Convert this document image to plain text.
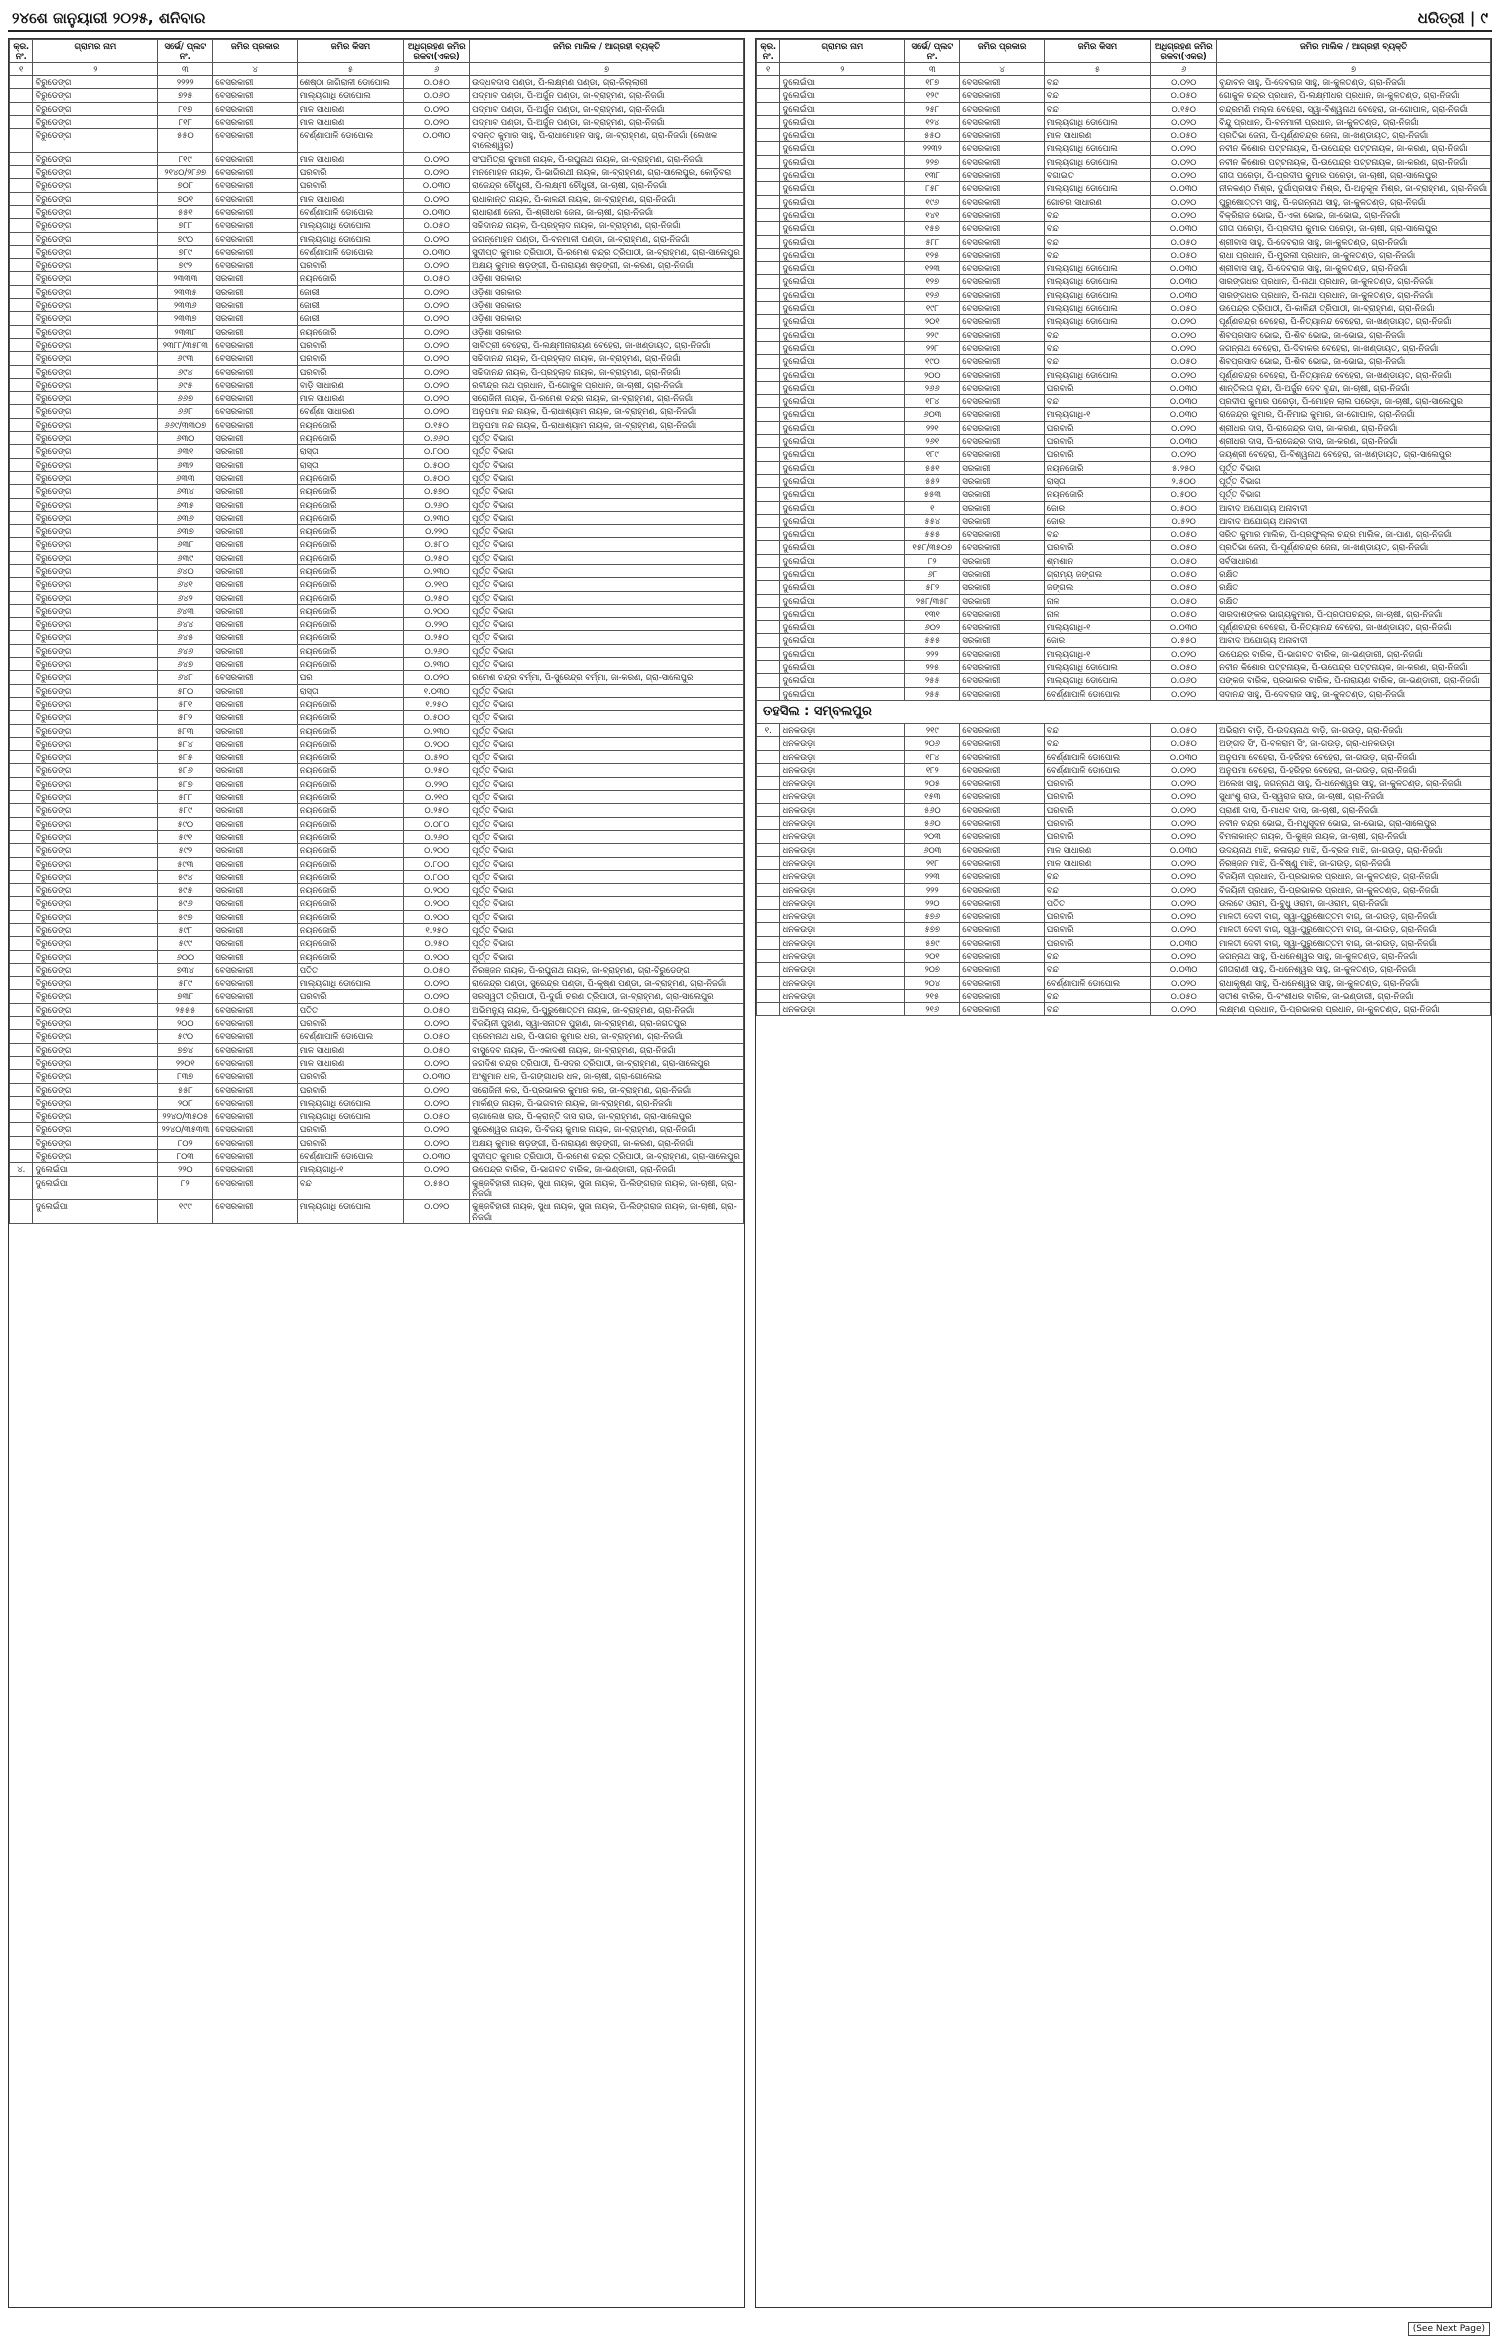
୨୪ଶେ ଜାନୁୟାରୀ ୨୦୨୫, ଶନିବାର	ଧରିତ୍ରୀ | ୯
କ୍ର. ନଂ.	ଗ୍ରାମର ନାମ	ସର୍ଭେ/ ପ୍ଲଟ ନଂ.	ଜମିର ପ୍ରକାର	ଜମିର କିସମ	ଅଧିଗ୍ରହଣ ଜମିର ରକବା(ଏକର)	ଜମିର ମାଲିକ / ଆଗ୍ରହୀ ବ୍ୟକ୍ତି
୧	୨	୩	୪	୫	୬	୭
	ବିରୁଡେଙ୍ଗ	୨୨୨୨	ବେସରକାରୀ	ଶେଷ୍ଠା ଜାଗିରାଳୀ ଡୋପୋଲ	୦.୦୫୦	ଉଦ୍ଧବଦାସ ପଣ୍ଡା, ପି-ଲକ୍ଷ୍ମଣ ପଣ୍ଡା, ଗ୍ରା-ଜିଲ୍ଲାରୀ
	ବିରୁଡେଙ୍ଗ	୭୨୫	ବେସରକାରୀ	ମାଲ୍ୟଗାଧି ଡୋପୋଲ	୦.୦୬୦	ପଦ୍ମାବ ପଣ୍ଡା, ପି-ଅର୍ଜୁନ ପଣ୍ଡା, ଜା-ବ୍ରାହ୍ମଣ, ଗ୍ରା-ନିଜଗାଁ
	ବିରୁଡେଙ୍ଗ	୮୧୭	ବେସରକାରୀ	ମାଳ ସାଧାରଣ	୦.୦୨୦	ପଦ୍ମାବ ପଣ୍ଡା, ପି-ଅର୍ଜୁନ ପଣ୍ଡା, ଜା-ବ୍ରାହ୍ମଣ, ଗ୍ରା-ନିଜଗାଁ
	ବିରୁଡେଙ୍ଗ	୮୧୮	ବେସରକାରୀ	ମାଳ ସାଧାରଣ	୦.୦୨୦	ପଦ୍ମାବ ପଣ୍ଡା, ପି-ଅର୍ଜୁନ ପଣ୍ଡା, ଜା-ବ୍ରାହ୍ମଣ, ଗ୍ରା-ନିଜଗାଁ
	ବିରୁଡେଙ୍ଗ	୫୫୦	ବେସରକାରୀ	ବେର୍ଣ୍ଣାପାଳି ଡୋପୋଲ	୦.୦୩୦	ବସନ୍ତ କୁମାର ସାହୁ, ପି-ରାଧାମୋହନ ସାହୁ, ଜା-ବ୍ରାହ୍ମଣ, ଗ୍ରା-ନିଜଗାଁ (ଲେଖକ ବାଲେଶ୍ୱର)
	ବିରୁଡେଙ୍ଗ	୮୧୯	ବେସରକାରୀ	ମାଳ ସାଧାରଣ	୦.୦୨୦	ସଂଘମିତ୍ରା କୁମାରୀ ନାୟକ, ପି-ରଘୁନାଥ ନାୟକ, ଜା-ବ୍ରାହ୍ମଣ, ଗ୍ରା-ନିଜଗାଁ
	ବିରୁଡେଙ୍ଗ	୨୧୪୦/୨୮୬୭	ବେସରକାରୀ	ଘରବାରି	୦.୦୨୦	ମନମୋହନ ନାୟକ, ପି-ଭାଗିରଥୀ ନାୟକ, ଜା-ବ୍ରାହ୍ମଣ, ଗ୍ରା-ସାଲେପୁର, କୋଡ଼ିବରା
	ବିରୁଡେଙ୍ଗ	୭୦୮	ବେସରକାରୀ	ଘରବାରି	୦.୦୩୦	ରାଜେନ୍ଦ୍ର ଚୌଧୁରୀ, ପି-ଲକ୍ଷ୍ମୀ ଚୌଧୁରୀ, ଜା-ଚାଷୀ, ଗ୍ରା-ନିଜଗାଁ
	ବିରୁଡେଙ୍ଗ	୭୦୧	ବେସରକାରୀ	ମାଳ ସାଧାରଣ	୦.୦୨୦	ରାଧାକାନ୍ତ ନାୟକ, ପି-କାଳନ୍ଦୀ ନାୟକ, ଜା-ବ୍ରାହ୍ମଣ, ଗ୍ରା-ନିଜଗାଁ
	ବିରୁଡେଙ୍ଗ	୫୫୧	ବେସରକାରୀ	ବେର୍ଣ୍ଣାପାଳି ଡୋପୋଲ	୦.୦୩୦	ରାଧାରାଣୀ ଜେନା, ପି-ଶ୍ରୀଧର ଜେନା, ଜା-ଚାଷୀ, ଗ୍ରା-ନିଜଗାଁ
	ବିରୁଡେଙ୍ଗ	୭୮୮	ବେସରକାରୀ	ମାଲ୍ୟଗାଧି ଡୋପୋଲ	୦.୦୫୦	ସଚ୍ଚିଦାନନ୍ଦ ନାୟକ, ପି-ପ୍ରହ୍ଲାଦ ନାୟକ, ଜା-ବ୍ରାହ୍ମଣ, ଗ୍ରା-ନିଜଗାଁ
	ବିରୁଡେଙ୍ଗ	୭୯୦	ବେସରକାରୀ	ମାଲ୍ୟଗାଧି ଡୋପୋଲ	୦.୦୨୦	ଜଗନ୍ମୋହନ ପଣ୍ଡା, ପି-ବନମାଳୀ ପଣ୍ଡା, ଜା-ବ୍ରାହ୍ମଣ, ଗ୍ରା-ନିଜଗାଁ
	ବିରୁଡେଙ୍ଗ	୭୮୯	ବେସରକାରୀ	ବେର୍ଣ୍ଣାପାଳି ଡୋପୋଲ	୦.୦୩୦	ସୁଦୀପ୍ତ କୁମାର ତ୍ରିପାଠୀ, ପି-ରମେଶ ଚନ୍ଦ୍ର ତ୍ରିପାଠୀ, ଜା-ବ୍ରାହ୍ମଣ, ଗ୍ରା-ସାଲେପୁର
	ବିରୁଡେଙ୍ଗ	୭୯୨	ବେସରକାରୀ	ଘରବାରି	୦.୦୨୦	ଅକ୍ଷୟ କୁମାର ଷଡ଼ଙ୍ଗୀ, ପି-ନାରାୟଣ ଷଡ଼ଙ୍ଗୀ, ଜା-କରଣ, ଗ୍ରା-ନିଜଗାଁ
	ବିରୁଡେଙ୍ଗ	୨୩୩୩	ସରକାରୀ	ନୟନଜୋରି	୦.୦୫୦	ଓଡ଼ିଶା ସରକାର
	ବିରୁଡେଙ୍ଗ	୨୩୩୫	ସରକାରୀ	ଜୋରୀ	୦.୦୨୦	ଓଡ଼ିଶା ସରକାର
	ବିରୁଡେଙ୍ଗ	୨୩୩୬	ସରକାରୀ	ଜୋରୀ	୦.୦୨୦	ଓଡ଼ିଶା ସରକାର
	ବିରୁଡେଙ୍ଗ	୨୩୩୭	ସରକାରୀ	ଜୋରୀ	୦.୦୨୦	ଓଡ଼ିଶା ସରକାର
	ବିରୁଡେଙ୍ଗ	୨୩୩୮	ସରକାରୀ	ନୟନଜୋରି	୦.୦୨୦	ଓଡ଼ିଶା ସରକାର
	ବିରୁଡେଙ୍ଗ	୨୩୮୮/୩୫୮୩	ବେସରକାରୀ	ଘରବାରି	୦.୦୨୦	ସାବିତ୍ରୀ ବେହେରା, ପି-ଲକ୍ଷ୍ମୀନାରାୟଣ ବେହେରା, ଜା-ଖଣ୍ଡାୟତ, ଗ୍ରା-ନିଜଗାଁ
	ବିରୁଡେଙ୍ଗ	୬୯୩	ବେସରକାରୀ	ଘରବାରି	୦.୦୨୦	ସଚ୍ଚିଦାନନ୍ଦ ନାୟକ, ପି-ପ୍ରହ୍ଲାଦ ନାୟକ, ଜା-ବ୍ରାହ୍ମଣ, ଗ୍ରା-ନିଜଗାଁ
	ବିରୁଡେଙ୍ଗ	୬୯୪	ବେସରକାରୀ	ଘରବାରି	୦.୦୨୦	ସଚ୍ଚିଦାନନ୍ଦ ନାୟକ, ପି-ପ୍ରହ୍ଲାଦ ନାୟକ, ଜା-ବ୍ରାହ୍ମଣ, ଗ୍ରା-ନିଜଗାଁ
	ବିରୁଡେଙ୍ଗ	୬୯୫	ବେସରକାରୀ	ବାଡ଼ି ସାଧାରଣ	୦.୦୨୦	ରବୀନ୍ଦ୍ର ନାଥ ପ୍ରଧାନ, ପି-ଗୋକୁଳ ପ୍ରଧାନ, ଜା-ଚାଷୀ, ଗ୍ରା-ନିଜଗାଁ
	ବିରୁଡେଙ୍ଗ	୬୬୭	ବେସରକାରୀ	ମାଳ ସାଧାରଣ	୦.୦୨୦	ସରୋଜିନୀ ନାୟକ, ପି-ରମେଶ ଚନ୍ଦ୍ର ନାୟକ, ଜା-ବ୍ରାହ୍ମଣ, ଗ୍ରା-ନିଜଗାଁ
	ବିରୁଡେଙ୍ଗ	୬୬୮	ବେସରକାରୀ	ବେର୍ଣ୍ଣା ସାଧାରଣ	୦.୦୨୦	ଅନୁପମା ନନ୍ଦ ନାୟକ, ପି-ରାଧାଶ୍ୟାମ ନାୟକ, ଜା-ବ୍ରାହ୍ମଣ, ଗ୍ରା-ନିଜଗାଁ
	ବିରୁଡେଙ୍ଗ	୬୬୯/୩୩୦୭	ବେସରକାରୀ	ନୟନଜୋରି	୦.୧୫୦	ଅନୁପମା ନନ୍ଦ ନାୟକ, ପି-ରାଧାଶ୍ୟାମ ନାୟକ, ଜା-ବ୍ରାହ୍ମଣ, ଗ୍ରା-ନିଜଗାଁ
	ବିରୁଡେଙ୍ଗ	୬୩୦	ସରକାରୀ	ନୟନଜୋରି	୦.୬୬୦	ପୂର୍ତ୍ତ ବିଭାଗ
	ବିରୁଡେଙ୍ଗ	୬୩୧	ସରକାରୀ	ରାସ୍ତା	୦.୮୦୦	ପୂର୍ତ୍ତ ବିଭାଗ
	ବିରୁଡେଙ୍ଗ	୬୩୨	ସରକାରୀ	ରାସ୍ତା	୦.୫୦୦	ପୂର୍ତ୍ତ ବିଭାଗ
	ବିରୁଡେଙ୍ଗ	୬୩୩	ସରକାରୀ	ନୟନଜୋରି	୦.୫୦୦	ପୂର୍ତ୍ତ ବିଭାଗ
	ବିରୁଡେଙ୍ଗ	୬୩୪	ସରକାରୀ	ନୟନଜୋରି	୦.୫୭୦	ପୂର୍ତ୍ତ ବିଭାଗ
	ବିରୁଡେଙ୍ଗ	୬୩୫	ସରକାରୀ	ନୟନଜୋରି	୦.୨୬୦	ପୂର୍ତ୍ତ ବିଭାଗ
	ବିରୁଡେଙ୍ଗ	୬୩୬	ସରକାରୀ	ନୟନଜୋରି	୦.୨୩୦	ପୂର୍ତ୍ତ ବିଭାଗ
	ବିରୁଡେଙ୍ଗ	୬୩୭	ସରକାରୀ	ନୟନଜୋରି	୦.୨୨୦	ପୂର୍ତ୍ତ ବିଭାଗ
	ବିରୁଡେଙ୍ଗ	୬୩୮	ସରକାରୀ	ନୟନଜୋରି	୦.୫୮୦	ପୂର୍ତ୍ତ ବିଭାଗ
	ବିରୁଡେଙ୍ଗ	୬୩୯	ସରକାରୀ	ନୟନଜୋରି	୦.୨୫୦	ପୂର୍ତ୍ତ ବିଭାଗ
	ବିରୁଡେଙ୍ଗ	୬୪୦	ସରକାରୀ	ନୟନଜୋରି	୦.୨୩୦	ପୂର୍ତ୍ତ ବିଭାଗ
	ବିରୁଡେଙ୍ଗ	୬୪୧	ସରକାରୀ	ନୟନଜୋରି	୦.୨୧୦	ପୂର୍ତ୍ତ ବିଭାଗ
	ବିରୁଡେଙ୍ଗ	୬୪୨	ସରକାରୀ	ନୟନଜୋରି	୦.୨୫୦	ପୂର୍ତ୍ତ ବିଭାଗ
	ବିରୁଡେଙ୍ଗ	୬୪୩	ସରକାରୀ	ନୟନଜୋରି	୦.୨୦୦	ପୂର୍ତ୍ତ ବିଭାଗ
	ବିରୁଡେଙ୍ଗ	୬୪୪	ସରକାରୀ	ନୟନଜୋରି	୦.୨୨୦	ପୂର୍ତ୍ତ ବିଭାଗ
	ବିରୁଡେଙ୍ଗ	୬୪୫	ସରକାରୀ	ନୟନଜୋରି	୦.୨୫୦	ପୂର୍ତ୍ତ ବିଭାଗ
	ବିରୁଡେଙ୍ଗ	୬୪୬	ସରକାରୀ	ନୟନଜୋରି	୦.୨୬୦	ପୂର୍ତ୍ତ ବିଭାଗ
	ବିରୁଡେଙ୍ଗ	୬୪୭	ସରକାରୀ	ନୟନଜୋରି	୦.୨୩୦	ପୂର୍ତ୍ତ ବିଭାଗ
	ବିରୁଡେଙ୍ଗ	୬୪୮	ବେସରକାରୀ	ଘର	୦.୦୨୦	ରମେଶ ଚନ୍ଦ୍ର ବର୍ମ୍ମା, ପି-ସୁରେନ୍ଦ୍ର ବର୍ମ୍ମା, ଜା-କରଣ, ଗ୍ରା-ସାଲେପୁର
	ବିରୁଡେଙ୍ଗ	୫୮୦	ସରକାରୀ	ରାସ୍ତା	୧.୦୩୦	ପୂର୍ତ୍ତ ବିଭାଗ
	ବିରୁଡେଙ୍ଗ	୫୮୧	ସରକାରୀ	ନୟନଜୋରି	୧.୨୫୦	ପୂର୍ତ୍ତ ବିଭାଗ
	ବିରୁଡେଙ୍ଗ	୫୮୨	ସରକାରୀ	ନୟନଜୋରି	୦.୫୦୦	ପୂର୍ତ୍ତ ବିଭାଗ
	ବିରୁଡେଙ୍ଗ	୫୮୩	ସରକାରୀ	ନୟନଜୋରି	୦.୨୩୦	ପୂର୍ତ୍ତ ବିଭାଗ
	ବିରୁଡେଙ୍ଗ	୫୮୪	ସରକାରୀ	ନୟନଜୋରି	୦.୨୦୦	ପୂର୍ତ୍ତ ବିଭାଗ
	ବିରୁଡେଙ୍ଗ	୫୮୫	ସରକାରୀ	ନୟନଜୋରି	୦.୫୨୦	ପୂର୍ତ୍ତ ବିଭାଗ
	ବିରୁଡେଙ୍ଗ	୫୮୬	ସରକାରୀ	ନୟନଜୋରି	୦.୨୫୦	ପୂର୍ତ୍ତ ବିଭାଗ
	ବିରୁଡେଙ୍ଗ	୫୮୭	ସରକାରୀ	ନୟନଜୋରି	୦.୨୨୦	ପୂର୍ତ୍ତ ବିଭାଗ
	ବିରୁଡେଙ୍ଗ	୫୮୮	ସରକାରୀ	ନୟନଜୋରି	୦.୨୧୦	ପୂର୍ତ୍ତ ବିଭାଗ
	ବିରୁଡେଙ୍ଗ	୫୮୯	ସରକାରୀ	ନୟନଜୋରି	୦.୨୫୦	ପୂର୍ତ୍ତ ବିଭାଗ
	ବିରୁଡେଙ୍ଗ	୫୯୦	ସରକାରୀ	ନୟନଜୋରି	୦.୦୮୦	ପୂର୍ତ୍ତ ବିଭାଗ
	ବିରୁଡେଙ୍ଗ	୫୯୧	ସରକାରୀ	ନୟନଜୋରି	୦.୨୬୦	ପୂର୍ତ୍ତ ବିଭାଗ
	ବିରୁଡେଙ୍ଗ	୫୯୨	ସରକାରୀ	ନୟନଜୋରି	୦.୨୦୦	ପୂର୍ତ୍ତ ବିଭାଗ
	ବିରୁଡେଙ୍ଗ	୫୯୩	ସରକାରୀ	ନୟନଜୋରି	୦.୮୦୦	ପୂର୍ତ୍ତ ବିଭାଗ
	ବିରୁଡେଙ୍ଗ	୫୯୪	ସରକାରୀ	ନୟନଜୋରି	୦.୮୦୦	ପୂର୍ତ୍ତ ବିଭାଗ
	ବିରୁଡେଙ୍ଗ	୫୯୫	ସରକାରୀ	ନୟନଜୋରି	୦.୨୦୦	ପୂର୍ତ୍ତ ବିଭାଗ
	ବିରୁଡେଙ୍ଗ	୫୯୬	ସରକାରୀ	ନୟନଜୋରି	୦.୨୦୦	ପୂର୍ତ୍ତ ବିଭାଗ
	ବିରୁଡେଙ୍ଗ	୫୯୭	ସରକାରୀ	ନୟନଜୋରି	୦.୨୦୦	ପୂର୍ତ୍ତ ବିଭାଗ
	ବିରୁଡେଙ୍ଗ	୫୯୮	ସରକାରୀ	ନୟନଜୋରି	୧.୨୫୦	ପୂର୍ତ୍ତ ବିଭାଗ
	ବିରୁଡେଙ୍ଗ	୫୯୯	ସରକାରୀ	ନୟନଜୋରି	୦.୨୫୦	ପୂର୍ତ୍ତ ବିଭାଗ
	ବିରୁଡେଙ୍ଗ	୬୦୦	ସରକାରୀ	ନୟନଜୋରି	୦.୨୦୦	ପୂର୍ତ୍ତ ବିଭାଗ
	ବିରୁଡେଙ୍ଗ	୭୩୪	ବେସରକାରୀ	ପତିତ	୦.୦୫୦	ନିରଞ୍ଜନ ନାୟକ, ପି-ରଘୁନାଥ ନାୟକ, ଜା-ବ୍ରାହ୍ମଣ, ଗ୍ରା-ବିରୁଡେଙ୍ଗ
	ବିରୁଡେଙ୍ଗ	୫୮୯	ବେସରକାରୀ	ମାଲ୍ୟଗାଧି ଡୋପୋଲ	୦.୦୨୦	ରାଜେନ୍ଦ୍ର ପଣ୍ଡା, ସୁରେନ୍ଦ୍ର ପଣ୍ଡା, ପି-କୃଷ୍ଣ ପଣ୍ଡା, ଜା-ବ୍ରାହ୍ମଣ, ଗ୍ରା-ନିଜଗାଁ
	ବିରୁଡେଙ୍ଗ	୭୩୮	ବେସରକାରୀ	ଘରବାରି	୦.୦୨୦	ସରସ୍ୱତୀ ତ୍ରିପାଠୀ, ପି-ଦୁର୍ଗା ଚରଣ ତ୍ରିପାଠୀ, ଜା-ବ୍ରାହ୍ମଣ, ଗ୍ରା-ସାଲେପୁର
	ବିରୁଡେଙ୍ଗ	୨୫୫୫	ବେସରକାରୀ	ପତିତ	୦.୦୫୦	ଅଭିମନ୍ୟୁ ନାୟକ, ପି-ପୁରୁଷୋତ୍ତମ ନାୟକ, ଜା-ବ୍ରାହ୍ମଣ, ଗ୍ରା-ନିଜଗାଁ
	ବିରୁଡେଙ୍ଗ	୨୦୦	ବେସରକାରୀ	ଘରବାରି	୦.୦୨୦	ବିଜୟିନୀ ପୁହାଣ, ସ୍ୱା-ସନାତନ ପୁହାଣ, ଜା-ବ୍ରାହ୍ମଣ, ଗ୍ରା-ଜଗତପୁର
	ବିରୁଡେଙ୍ଗ	୫୯୦	ବେସରକାରୀ	ବେର୍ଣ୍ଣାପାଳି ଡୋପୋଲ	୦.୦୫୦	ପ୍ରେମନାଥ ଧର, ପି-ସାଗର କୁମାର ଧର, ଜା-ବ୍ରାହ୍ମଣ, ଗ୍ରା-ନିଜଗାଁ
	ବିରୁଡେଙ୍ଗ	୭୭୪	ବେସରକାରୀ	ମାଳ ସାଧାରଣ	୦.୦୫୦	ବାସୁଦେବ ନାୟକ, ପି-ଏକାଦଶୀ ନାୟକ, ଜା-ବ୍ରାହ୍ମଣ, ଗ୍ରା-ନିଜଗାଁ
	ବିରୁଡେଙ୍ଗ	୨୨୦୧	ବେସରକାରୀ	ମାଳ ସାଧାରଣ	୦.୦୨୦	ଜଗଦିଶ ଚନ୍ଦ୍ର ତ୍ରିପାଠୀ, ପି-ସଦର ତ୍ରିପାଠୀ, ଜା-ବ୍ରାହ୍ମଣ, ଗ୍ରା-ସାଲେପୁର
	ବିରୁଡେଙ୍ଗ	୮୩୭	ବେସରକାରୀ	ଘରବାରି	୦.୦୩୦	ଅଂଶୁମାନ ଧଳ, ପି-ଗଙ୍ଗାଧର ଧଳ, ଜା-ଚାଷୀ, ଗ୍ରା-ଗୋଲେଇ
	ବିରୁଡେଙ୍ଗ	୫୫୮	ବେସରକାରୀ	ଘରବାରି	୦.୦୨୦	ସରୋଜିନୀ କର, ପି-ପ୍ରଭାକର କୁମାର କର, ଜା-ବ୍ରାହ୍ମଣ, ଗ୍ରା-ନିଜଗାଁ
	ବିରୁଡେଙ୍ଗ	୨୦୮	ବେସରକାରୀ	ମାଲ୍ୟଗାଧି ଡୋପୋଲ	୦.୦୨୦	ମାର୍କଣ୍ଡ ନାୟକ, ପି-ଭଗବାନ ନାୟକ, ଜା-ବ୍ରାହ୍ମଣ, ଗ୍ରା-ନିଜଗାଁ
	ବିରୁଡେଙ୍ଗ	୨୨୪୦/୩୫୦୫	ବେସରକାରୀ	ମାଲ୍ୟଗାଧି ଡୋପୋଲ	୦.୦୫୦	ଚାଗାଲେଖ ରାଉ, ପି-କ୍ରାନ୍ତି ଦାସ ରାଉ, ଜା-ବ୍ରାହ୍ମଣ, ଗ୍ରା-ସାଲେପୁର
	ବିରୁଡେଙ୍ଗ	୨୨୪୦/୩୫୩୩	ବେସରକାରୀ	ଘରବାରି	୦.୦୨୦	ସୁରେଶ୍ୱର ନାୟକ, ପି-ବିଜୟ କୁମାର ନାୟକ, ଜା-ବ୍ରାହ୍ମଣ, ଗ୍ରା-ନିଜଗାଁ
	ବିରୁଡେଙ୍ଗ	୮୦୨	ବେସରକାରୀ	ଘରବାରି	୦.୦୨୦	ଅକ୍ଷୟ କୁମାର ଷଡ଼ଙ୍ଗୀ, ପି-ନାରାୟଣ ଷଡ଼ଙ୍ଗୀ, ଜା-କରଣ, ଗ୍ରା-ନିଜଗାଁ
	ବିରୁଡେଙ୍ଗ	୮୦୩	ବେସରକାରୀ	ବେର୍ଣ୍ଣାପାଳି ଡୋପୋଲ	୦.୦୩୦	ସୁଦୀପ୍ତ କୁମାର ତ୍ରିପାଠୀ, ପି-ରମେଶ ଚନ୍ଦ୍ର ତ୍ରିପାଠୀ, ଜା-ବ୍ରାହ୍ମଣ, ଗ୍ରା-ସାଲେପୁର
୪.	ଦୁଲେଇଁପା	୨୨୦	ବେସରକାରୀ	ମାଲ୍ୟଗାଧି-୧	୦.୦୨୦	ଉପେନ୍ଦ୍ର ବାରିକ, ପି-ଭାଗବତ ବାରିକ, ଜା-ଭଣ୍ଡାରୀ, ଗ୍ରା-ନିଜଗାଁ
	ଦୁଲେଇଁପା	୮୨	ବେସରକାରୀ	ବନ୍ଦ	୦.୫୫୦	କୁଞ୍ଜବିହାରୀ ନାୟକ, ସୁଧା ନାୟକ, ସୁଜା ନାୟକ, ପି-ଲିଙ୍ଗରାଜ ନାୟକ, ଜା-ଚାଷୀ, ଗ୍ରା-ନିଜଗାଁ
	ଦୁଲେଇଁପା	୧୯୯	ବେସରକାରୀ	ମାଲ୍ୟଗାଧି ଡୋପୋଲ	୦.୦୨୦	କୁଞ୍ଜବିହାରୀ ନାୟକ, ସୁଧା ନାୟକ, ସୁଜା ନାୟକ, ପି-ଲିଙ୍ଗରାଜ ନାୟକ, ଜା-ଚାଷୀ, ଗ୍ରା-ନିଜଗାଁ
କ୍ର. ନଂ.	ଗ୍ରାମର ନାମ	ସର୍ଭେ/ ପ୍ଲଟ ନଂ.	ଜମିର ପ୍ରକାର	ଜମିର କିସମ	ଅଧିଗ୍ରହଣ ଜମିର ରକବା(ଏକର)	ଜମିର ମାଲିକ / ଆଗ୍ରହୀ ବ୍ୟକ୍ତି
୧	୨	୩	୪	୫	୬	୭
	ଦୁଲେଇଁପା	୧୮୭	ବେସରକାରୀ	ବନ୍ଦ	୦.୦୨୦	ବୃନ୍ଦାବନ ସାହୁ, ପି-ଦେବରାଜ ସାହୁ, ଜା-କୁଳତଣ୍ଡ, ଗ୍ରା-ନିଜଗାଁ
	ଦୁଲେଇଁପା	୧୨୯	ବେସରକାରୀ	ବନ୍ଦ	୦.୦୫୦	ଗୋକୁଳ ଚନ୍ଦ୍ର ପ୍ରଧାନ, ପି-ଲକ୍ଷ୍ମୀଧର ପ୍ରଧାନ, ଜା-କୁଳତଣ୍ଡ, ଗ୍ରା-ନିଜଗାଁ
	ଦୁଲେଇଁପା	୨୫୮	ବେସରକାରୀ	ବନ୍ଦ	୦.୧୫୦	ଚନ୍ଦ୍ରମଣି ମଲ୍ଲ ବେହେରା, ସ୍ୱା-ବିଶ୍ୱନାଥ ବେହେରା, ଜା-ଗୋପାଳ, ଗ୍ରା-ନିଜଗାଁ
	ଦୁଲେଇଁପା	୧୨୪	ବେସରକାରୀ	ମାଲ୍ୟଗାଧି ଡୋପୋଲ	୦.୦୨୦	ବିନ୍ଦୁ ପ୍ରଧାନ, ପି-ବନମାଳୀ ପ୍ରଧାନ, ଜା-କୁଳତଣ୍ଡ, ଗ୍ରା-ନିଜଗାଁ
	ଦୁଲେଇଁପା	୫୫୦	ବେସରକାରୀ	ମାଳ ସାଧାରଣ	୦.୦୫୦	ପ୍ରତିଭା ଜେନା, ପି-ପୂର୍ଣ୍ଣଚନ୍ଦ୍ର ଜେନା, ଜା-ଖଣ୍ଡାୟତ, ଗ୍ରା-ନିଜଗାଁ
	ଦୁଲେଇଁପା	୨୨୩୨	ବେସରକାରୀ	ମାଲ୍ୟଗାଧି ଡୋପୋଲ	୦.୦୨୦	ନବୀନ କିଶୋର ପଟ୍ଟନାୟକ, ପି-ଉପେନ୍ଦ୍ର ପଟ୍ଟନାୟକ, ଜା-କରଣ, ଗ୍ରା-ନିଜଗାଁ
	ଦୁଲେଇଁପା	୨୨୭	ବେସରକାରୀ	ମାଲ୍ୟଗାଧି ଡୋପୋଲ	୦.୦୨୦	ନବୀନ କିଶୋର ପଟ୍ଟନାୟକ, ପି-ଉପେନ୍ଦ୍ର ପଟ୍ଟନାୟକ, ଜା-କରଣ, ଗ୍ରା-ନିଜଗାଁ
	ଦୁଲେଇଁପା	୧୩୮	ବେସରକାରୀ	ବଗାଇତ	୦.୦୨୦	ଗୀତା ପରେଡ଼ା, ପି-ପ୍ରଦୀପ କୁମାର ପରେଡ଼ା, ଜା-ଚାଷୀ, ଗ୍ରା-ସାଲେପୁର
	ଦୁଲେଇଁପା	୮୫୮	ବେସରକାରୀ	ମାଲ୍ୟଗାଧି ଡୋପୋଲ	୦.୦୩୦	ନୀଳକଣ୍ଠ ମିଶ୍ର, ଦୁର୍ଗାପ୍ରସାଦ ମିଶ୍ର, ପି-ଅନୁକୂଳ ମିଶ୍ର, ଜା-ବ୍ରାହ୍ମଣ, ଗ୍ରା-ନିଜଗାଁ
	ଦୁଲେଇଁପା	୧୯୬	ବେସରକାରୀ	ଗୋଚର ସାଧାରଣ	୦.୦୨୦	ପୁରୁଷୋତ୍ତମ ସାହୁ, ପି-ଜଗନ୍ନାଥ ସାହୁ, ଜା-କୁଳତଣ୍ଡ, ଗ୍ରା-ନିଜଗାଁ
	ଦୁଲେଇଁପା	୧୪୧	ବେସରକାରୀ	ବନ୍ଦ	୦.୦୨୦	ବିକ୍ରିରାଜ ଭୋଇ, ପି-ଏକା ଭୋଇ, ଜା-ଭୋଇ, ଗ୍ରା-ନିଜଗାଁ
	ଦୁଲେଇଁପା	୧୫୭	ବେସରକାରୀ	ବନ୍ଦ	୦.୦୩୦	ଗୀତା ପରେଡ଼ା, ପି-ପ୍ରଦୀପ କୁମାର ପରେଡ଼ା, ଜା-ଚାଷୀ, ଗ୍ରା-ସାଲେପୁର
	ଦୁଲେଇଁପା	୫୮୮	ବେସରକାରୀ	ବନ୍ଦ	୦.୦୫୦	ଶ୍ରୀବାସ ସାହୁ, ପି-ଦେବରାଜ ସାହୁ, ଜା-କୁଳତଣ୍ଡ, ଗ୍ରା-ନିଜଗାଁ
	ଦୁଲେଇଁପା	୧୨୫	ବେସରକାରୀ	ବନ୍ଦ	୦.୦୫୦	ରାଧା ପ୍ରଧାନ, ପି-ମୁରଲୀ ପ୍ରଧାନ, ଜା-କୁଳତଣ୍ଡ, ଗ୍ରା-ନିଜଗାଁ
	ଦୁଲେଇଁପା	୧୨୩	ବେସରକାରୀ	ମାଲ୍ୟଗାଧି ଡୋପୋଲ	୦.୦୩୦	ଶ୍ରୀବାସ ସାହୁ, ପି-ଦେବରାଜ ସାହୁ, ଜା-କୁଳତଣ୍ଡ, ଗ୍ରା-ନିଜଗାଁ
	ଦୁଲେଇଁପା	୧୨୭	ବେସରକାରୀ	ମାଲ୍ୟଗାଧି ଡୋପୋଲ	୦.୦୩୦	ସାରଙ୍ଗଧର ପ୍ରଧାନ, ପି-ନାଥା ପ୍ରଧାନ, ଜା-କୁଳତଣ୍ଡ, ଗ୍ରା-ନିଜଗାଁ
	ଦୁଲେଇଁପା	୧୨୬	ବେସରକାରୀ	ମାଲ୍ୟଗାଧି ଡୋପୋଲ	୦.୦୩୦	ସାରଙ୍ଗଧର ପ୍ରଧାନ, ପି-ନାଥା ପ୍ରଧାନ, ଜା-କୁଳତଣ୍ଡ, ଗ୍ରା-ନିଜଗାଁ
	ଦୁଲେଇଁପା	୧୯୮	ବେସରକାରୀ	ମାଲ୍ୟଗାଧି ଡୋପୋଲ	୦.୦୫୦	ଉପେନ୍ଦ୍ର ତ୍ରିପାଠୀ, ପି-କାଳିନ୍ଦୀ ତ୍ରିପାଠୀ, ଜା-ବ୍ରାହ୍ମଣ, ଗ୍ରା-ନିଜଗାଁ
	ଦୁଲେଇଁପା	୨୦୧	ବେସରକାରୀ	ମାଲ୍ୟଗାଧି ଡୋପୋଲ	୦.୦୨୦	ପୂର୍ଣ୍ଣଚନ୍ଦ୍ର ବେହେରା, ପି-ନିତ୍ୟାନନ୍ଦ ବେହେରା, ଜା-ଖଣ୍ଡାୟତ, ଗ୍ରା-ନିଜଗାଁ
	ଦୁଲେଇଁପା	୨୨୯	ବେସରକାରୀ	ବନ୍ଦ	୦.୦୨୦	ଶିବପ୍ରସାଦ ଭୋଇ, ପି-ଶିବ ଭୋଇ, ଜା-ଭୋଇ, ଗ୍ରା-ନିଜଗାଁ
	ଦୁଲେଇଁପା	୨୨୮	ବେସରକାରୀ	ବନ୍ଦ	୦.୦୨୦	ଜଗନ୍ନାଥ ବେହେରା, ପି-ଦିବାକର ବେହେରା, ଜା-ଖଣ୍ଡାୟତ, ଗ୍ରା-ନିଜଗାଁ
	ଦୁଲେଇଁପା	୧୯୦	ବେସରକାରୀ	ବନ୍ଦ	୦.୦୫୦	ଶିବପ୍ରସାଦ ଭୋଇ, ପି-ଶିବ ଭୋଇ, ଜା-ଭୋଇ, ଗ୍ରା-ନିଜଗାଁ
	ଦୁଲେଇଁପା	୨୦୦	ବେସରକାରୀ	ମାଲ୍ୟଗାଧି ଡୋପୋଲ	୦.୦୨୦	ପୂର୍ଣ୍ଣଚନ୍ଦ୍ର ବେହେରା, ପି-ନିତ୍ୟାନନ୍ଦ ବେହେରା, ଜା-ଖଣ୍ଡାୟତ, ଗ୍ରା-ନିଜଗାଁ
	ଦୁଲେଇଁପା	୨୬୬	ବେସରକାରୀ	ଘରବାରି	୦.୦୩୦	ଶାନ୍ତିଲତା ବୃନ୍ଦା, ପି-ଅର୍ଜୁନ ଦେବ ବୃନ୍ଦା, ଜା-ଚାଷୀ, ଗ୍ରା-ନିଜଗାଁ
	ଦୁଲେଇଁପା	୧୮୪	ବେସରକାରୀ	ବନ୍ଦ	୦.୦୩୦	ପ୍ରଦୀପ କୁମାର ପରେଡ଼ା, ପି-ମୋହନ ଲାଲ ପରେଡ଼ା, ଜା-ଚାଷୀ, ଗ୍ରା-ସାଲେପୁର
	ଦୁଲେଇଁପା	୬୦୩	ବେସରକାରୀ	ମାଲ୍ୟଗାଧି-୧	୦.୦୩୦	ରାଜେନ୍ଦ୍ର କୁମାର, ପି-ନିମାଇ କୁମାର, ଜା-ଗୋପାଳ, ଗ୍ରା-ନିଜଗାଁ
	ଦୁଲେଇଁପା	୨୨୧	ବେସରକାରୀ	ଘରବାରି	୦.୦୨୦	ଶ୍ରୀଧର ଦାସ, ପି-ରାଜେନ୍ଦ୍ର ଦାସ, ଜା-କରଣ, ଗ୍ରା-ନିଜଗାଁ
	ଦୁଲେଇଁପା	୨୬୧	ବେସରକାରୀ	ଘରବାରି	୦.୦୩୦	ଶ୍ରୀଧର ଦାସ, ପି-ରାଜେନ୍ଦ୍ର ଦାସ, ଜା-କରଣ, ଗ୍ରା-ନିଜଗାଁ
	ଦୁଲେଇଁପା	୧୮୯	ବେସରକାରୀ	ଘରବାରି	୦.୦୨୦	ଜୟଶ୍ରୀ ବେହେରା, ପି-ବିଶ୍ୱନାଥ ବେହେରା, ଜା-ଖଣ୍ଡାୟତ, ଗ୍ରା-ସାଲେପୁର
	ଦୁଲେଇଁପା	୫୫୧	ସରକାରୀ	ନୟନଜୋରି	୫.୨୫୦	ପୂର୍ତ୍ତ ବିଭାଗ
	ଦୁଲେଇଁପା	୫୫୨	ସରକାରୀ	ରାସ୍ତା	୨.୫୦୦	ପୂର୍ତ୍ତ ବିଭାଗ
	ଦୁଲେଇଁପା	୫୫୩	ସରକାରୀ	ନୟନଜୋରି	୦.୫୦୦	ପୂର୍ତ୍ତ ବିଭାଗ
	ଦୁଲେଇଁପା	୧	ସରକାରୀ	ଜୋର	୦.୫୦୦	ଆବାଦ ଅଯୋଗ୍ୟ ଅନାବାଦୀ
	ଦୁଲେଇଁପା	୫୫୪	ସରକାରୀ	ଜୋର	୦.୫୨୦	ଆବାଦ ଅଯୋଗ୍ୟ ଅନାବାଦୀ
	ଦୁଲେଇଁପା	୫୫୫	ବେସରକାରୀ	ବନ୍ଦ	୦.୦୫୦	ସରିତ କୁମାର ମାଲିକ, ପି-ପ୍ରଫୁଲ୍ଲ ଚନ୍ଦ୍ର ମାଲିକ, ଜା-ପାଣ, ଗ୍ରା-ନିଜଗାଁ
	ଦୁଲେଇଁପା	୧୫୮/୩୫୦୭	ବେସରକାରୀ	ଘରବାରି	୦.୦୫୦	ପ୍ରତିଭା ଜେନା, ପି-ପୂର୍ଣ୍ଣଚନ୍ଦ୍ର ଜେନା, ଜା-ଖଣ୍ଡାୟତ, ଗ୍ରା-ନିଜଗାଁ
	ଦୁଲେଇଁପା	୮୨	ସରକାରୀ	ଶ୍ମଶାନ	୦.୦୫୦	ସର୍ବସାଧାରଣ
	ଦୁଲେଇଁପା	୬୮	ସରକାରୀ	ଗ୍ରାମ୍ୟ ଜଙ୍ଗଲ	୦.୦୫୦	ରକ୍ଷିତ
	ଦୁଲେଇଁପା	୫୮୨	ସରକାରୀ	ଜଙ୍ଗଲ	୦.୦୫୦	ରକ୍ଷିତ
	ଦୁଲେଇଁପା	୨୫୮/୩୫୮	ସରକାରୀ	ନାଳ	୦.୦୫୦	ରକ୍ଷିତ
	ଦୁଲେଇଁପା	୧୩୧	ବେସରକାରୀ	ନାଳ	୦.୦୫୦	ସାରଦାଶଙ୍କର ଭାଗ୍ୟକୁମାର, ପି-ପ୍ରତାପଚନ୍ଦ୍ର, ଜା-ଚାଷୀ, ଗ୍ରା-ନିଜଗାଁ
	ଦୁଲେଇଁପା	୬୦୨	ବେସରକାରୀ	ମାଲ୍ୟଗାଧି-୧	୦.୦୩୦	ପୂର୍ଣ୍ଣଚନ୍ଦ୍ର ବେହେରା, ପି-ନିତ୍ୟାନନ୍ଦ ବେହେରା, ଜା-ଖଣ୍ଡାୟତ, ଗ୍ରା-ନିଜଗାଁ
	ଦୁଲେଇଁପା	୫୫୫	ସରକାରୀ	ଜୋର	୦.୫୫୦	ଆବାଦ ଅଯୋଗ୍ୟ ଅନାବାଦୀ
	ଦୁଲେଇଁପା	୨୨୨	ବେସରକାରୀ	ମାଲ୍ୟଗାଧି-୧	୦.୦୨୦	ଉପେନ୍ଦ୍ର ବାରିକ, ପି-ଭାଗବତ ବାରିକ, ଜା-ଭଣ୍ଡାରୀ, ଗ୍ରା-ନିଜଗାଁ
	ଦୁଲେଇଁପା	୨୨୫	ବେସରକାରୀ	ମାଲ୍ୟଗାଧି ଡୋପୋଲ	୦.୦୫୦	ନବୀନ କିଶୋର ପଟ୍ଟନାୟକ, ପି-ଉପେନ୍ଦ୍ର ପଟ୍ଟନାୟକ, ଜା-କରଣ, ଗ୍ରା-ନିଜଗାଁ
	ଦୁଲେଇଁପା	୨୫୫	ବେସରକାରୀ	ମାଲ୍ୟଗାଧି ଡୋପୋଲ	୦.୦୬୦	ପଙ୍କଜ ବାରିକ, ପ୍ରଭାକର ବାରିକ, ପି-ନାରାୟଣ ବାରିକ, ଜା-ଭଣ୍ଡାରୀ, ଗ୍ରା-ନିଜଗାଁ
	ଦୁଲେଇଁପା	୨୫୫	ବେସରକାରୀ	ବେର୍ଣ୍ଣାପାଳି ଡୋପୋଲ	୦.୦୨୦	ସଦାନନ୍ଦ ସାହୁ, ପି-ଦେବରାଜ ସାହୁ, ଜା-କୁଳତଣ୍ଡ, ଗ୍ରା-ନିଜଗାଁ
ତହସିଲ : ସମ୍ବଲପୁର						
୧.	ଧନକଉଡ଼ା	୨୧୯	ବେସରକାରୀ	ବନ୍ଦ	୦.୦୫୦	ଅଭିରାମ ବାଡ଼ି, ପି-ଉଦୟନାଥ ବାଡ଼ି, ଜା-ଗଉଡ଼, ଗ୍ରା-ନିଜଗାଁ
	ଧନକଉଡ଼ା	୨୦୬	ବେସରକାରୀ	ବନ୍ଦ	୦.୦୫୦	ଅଙ୍ଗଦ ସିଂ, ପି-ବଳରାମ ସିଂ, ଜା-ଗଉଡ଼, ଗ୍ରା-ଧନକଉଡ଼ା
	ଧନକଉଡ଼ା	୧୮୪	ବେସରକାରୀ	ବେର୍ଣ୍ଣାପାଳି ଡୋପୋଲ	୦.୦୩୦	ଅନୁପମା ବେହେରା, ପି-ହରିହର ବେହେରା, ଜା-ଗଉଡ଼, ଗ୍ରା-ନିଜଗାଁ
	ଧନକଉଡ଼ା	୧୮୨	ବେସରକାରୀ	ବେର୍ଣ୍ଣାପାଳି ଡୋପୋଲ	୦.୦୨୦	ଅନୁପମା ବେହେରା, ପି-ହରିହର ବେହେରା, ଜା-ଗଉଡ଼, ଗ୍ରା-ନିଜଗାଁ
	ଧନକଉଡ଼ା	୨୦୫	ବେସରକାରୀ	ଘରବାରି	୦.୦୨୦	ଅଲେଖ ସାହୁ, ଜଗନ୍ନାଥ ସାହୁ, ପି-ଧନେଶ୍ୱର ସାହୁ, ଜା-କୁଳତଣ୍ଡ, ଗ୍ରା-ନିଜଗାଁ
	ଧନକଉଡ଼ା	୧୫୩	ବେସରକାରୀ	ଘରବାରି	୦.୦୨୦	ସୁଧାଂଶୁ ରାଉ, ପି-ସ୍ୱରାଜ ରାଉ, ଜା-ଚାଷୀ, ଗ୍ରା-ନିଜଗାଁ
	ଧନକଉଡ଼ା	୫୬୦	ବେସରକାରୀ	ଘରବାରି	୦.୦୨୦	ପ୍ରାଣୀ ଦାସ, ପି-ମାଧବ ଦାସ, ଜା-ଚାଷୀ, ଗ୍ରା-ନିଜଗାଁ
	ଧନକଉଡ଼ା	୫୬୦	ବେସରକାରୀ	ଘରବାରି	୦.୦୨୦	ନବୀନ ଚନ୍ଦ୍ର ଭୋଇ, ପି-ମଧୁସୂଦନ ଭୋଇ, ଜା-ଭୋଇ, ଗ୍ରା-ସାଲେପୁର
	ଧନକଉଡ଼ା	୨୦୩	ବେସରକାରୀ	ଘରବାରି	୦.୦୨୦	ବିମଳାକାନ୍ତ ନାୟକ, ପି-କୁଞ୍ଜ ନାୟକ, ଜା-ଚାଷୀ, ଗ୍ରା-ନିଜଗାଁ
	ଧନକଉଡ଼ା	୬୦୩	ବେସରକାରୀ	ମାଳ ସାଧାରଣ	୦.୦୩୦	ଉଦୟନାଥ ମାଝି, କଳାଚାନ୍ଦ ମାଝି, ପି-ବ୍ରଜ ମାଝି, ଜା-ଗଉଡ଼, ଗ୍ରା-ନିଜଗାଁ
	ଧନକଉଡ଼ା	୨୧୮	ବେସରକାରୀ	ମାଳ ସାଧାରଣ	୦.୦୨୦	ନିରଞ୍ଜନ ମାଝି, ପି-ବିଷ୍ଣୁ ମାଝି, ଜା-ଗଉଡ଼, ଗ୍ରା-ନିଜଗାଁ
	ଧନକଉଡ଼ା	୨୨୩	ବେସରକାରୀ	ବନ୍ଦ	୦.୦୨୦	ବିଜୟିନୀ ପ୍ରଧାନ, ପି-ପ୍ରଭାକର ପ୍ରଧାନ, ଜା-କୁଳତଣ୍ଡ, ଗ୍ରା-ନିଜଗାଁ
	ଧନକଉଡ଼ା	୨୨୨	ବେସରକାରୀ	ବନ୍ଦ	୦.୦୨୦	ବିଜୟିନୀ ପ୍ରଧାନ, ପି-ପ୍ରଭାକର ପ୍ରଧାନ, ଜା-କୁଳତଣ୍ଡ, ଗ୍ରା-ନିଜଗାଁ
	ଧନକଉଡ଼ା	୨୨୦	ବେସରକାରୀ	ପତିତ	୦.୦୨୦	ଉଲଟେ ଓରାମ, ପି-ବୁଧୁ ଓରାମ, ଜା-ଓରାମ, ଗ୍ରା-ନିଜଗାଁ
	ଧନକଉଡ଼ା	୫୭୬	ବେସରକାରୀ	ଘରବାରି	୦.୦୨୦	ମାଳତୀ ଦେବୀ ବାଗ୍, ସ୍ୱା-ପୁରୁଷୋତ୍ତମ ବାଗ୍, ଜା-ଗଉଡ଼, ଗ୍ରା-ନିଜଗାଁ
	ଧନକଉଡ଼ା	୫୭୭	ବେସରକାରୀ	ଘରବାରି	୦.୦୨୦	ମାଳତୀ ଦେବୀ ବାଗ୍, ସ୍ୱା-ପୁରୁଷୋତ୍ତମ ବାଗ୍, ଜା-ଗଉଡ଼, ଗ୍ରା-ନିଜଗାଁ
	ଧନକଉଡ଼ା	୫୭୯	ବେସରକାରୀ	ଘରବାରି	୦.୦୩୦	ମାଳତୀ ଦେବୀ ବାଗ୍, ସ୍ୱା-ପୁରୁଷୋତ୍ତମ ବାଗ୍, ଜା-ଗଉଡ଼, ଗ୍ରା-ନିଜଗାଁ
	ଧନକଉଡ଼ା	୨୦୧	ବେସରକାରୀ	ବନ୍ଦ	୦.୦୨୦	ଜଗନ୍ନାଥ ସାହୁ, ପି-ଧନେଶ୍ୱର ସାହୁ, ଜା-କୁଳତଣ୍ଡ, ଗ୍ରା-ନିଜଗାଁ
	ଧନକଉଡ଼ା	୨୦୭	ବେସରକାରୀ	ବନ୍ଦ	୦.୦୩୦	ଗୀତାରାଣୀ ସାହୁ, ପି-ଧନେଶ୍ୱର ସାହୁ, ଜା-କୁଳତଣ୍ଡ, ଗ୍ରା-ନିଜଗାଁ
	ଧନକଉଡ଼ା	୨୦୪	ବେସରକାରୀ	ବେର୍ଣ୍ଣାପାଳି ଡୋପୋଲ	୦.୦୨୦	ରାଧାକୃଷ୍ଣ ସାହୁ, ପି-ଧନେଶ୍ୱର ସାହୁ, ଜା-କୁଳତଣ୍ଡ, ଗ୍ରା-ନିଜଗାଁ
	ଧନକଉଡ଼ା	୨୧୫	ବେସରକାରୀ	ବନ୍ଦ	୦.୦୫୦	ସତୀଶ ବାରିକ, ପି-ବଂଶୀଧର ବାରିକ, ଜା-ଭଣ୍ଡାରୀ, ଗ୍ରା-ନିଜଗାଁ
	ଧନକଉଡ଼ା	୨୧୬	ବେସରକାରୀ	ବନ୍ଦ	୦.୦୨୦	ଲକ୍ଷ୍ମଣ ପ୍ରଧାନ, ପି-ପ୍ରଭାକର ପ୍ରଧାନ, ଜା-କୁଳତଣ୍ଡ, ଗ୍ରା-ନିଜଗାଁ
(See Next Page)
